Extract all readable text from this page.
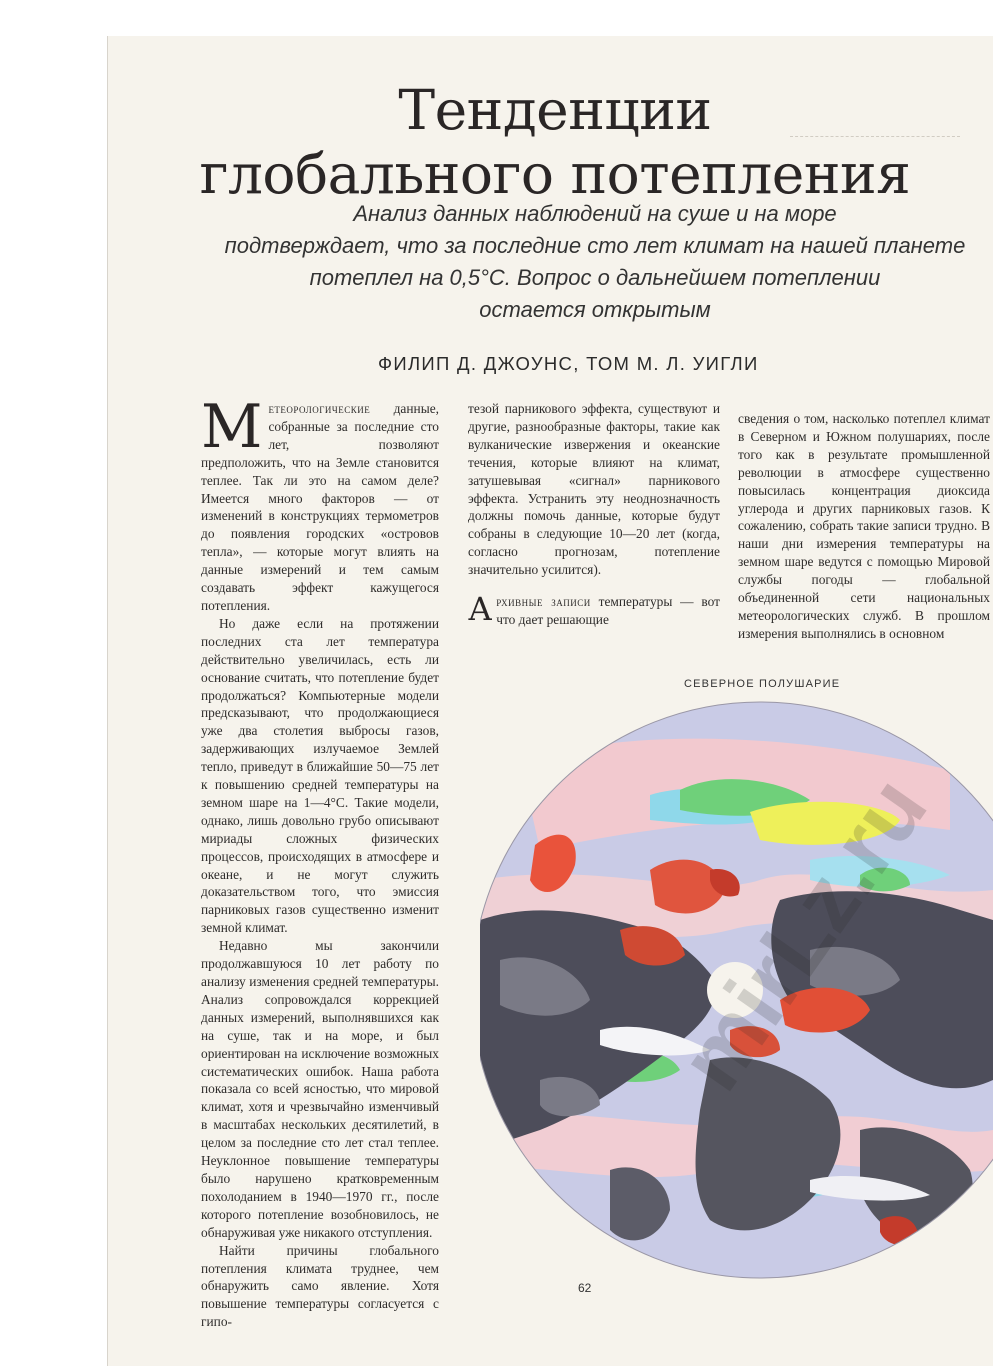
Тенденции
глобального потепления
Анализ данных наблюдений на суше и на море
подтверждает, что за последние сто лет климат на нашей планете
потеплел на 0,5°С. Вопрос о дальнейшем потеплении
остается открытым
ФИЛИП Д. ДЖОУНС, ТОМ М. Л. УИГЛИ

Метеорологические данные, собранные за последние сто лет, позволяют предположить, что на Земле становится теплее. Так ли это на самом деле? Имеется много факторов — от изменений в конструкциях термометров до появления городских «островов тепла», — которые могут влиять на данные измерений и тем самым создавать эффект кажущегося потепления.

Но даже если на протяжении последних ста лет температура действительно увеличилась, есть ли основание считать, что потепление будет продолжаться? Компьютерные модели предсказывают, что продолжающиеся уже два столетия выбросы газов, задерживающих излучаемое Землей тепло, приведут в ближайшие 50—75 лет к повышению средней температуры на земном шаре на 1—4°С. Такие модели, однако, лишь довольно грубо описывают мириады сложных физических процессов, происходящих в атмосфере и океане, и не могут служить доказательством того, что эмиссия парниковых газов существенно изменит земной климат.

Недавно мы закончили продолжавшуюся 10 лет работу по анализу изменения средней температуры. Анализ сопровождался коррекцией данных измерений, выполнявшихся как на суше, так и на море, и был ориентирован на исключение возможных систематических ошибок. Наша работа показала со всей ясностью, что мировой климат, хотя и чрезвычайно изменчивый в масштабах нескольких десятилетий, в целом за последние сто лет стал теплее. Неуклонное повышение температуры было нарушено кратковременным похолоданием в 1940—1970 гг., после которого потепление возобновилось, не обнаруживая уже никакого отступления.

Найти причины глобального потепления климата труднее, чем обнаружить само явление. Хотя повышение температуры согласуется с гипо-

тезой парникового эффекта, существуют и другие, разнообразные факторы, такие как вулканические извержения и океанские течения, которые влияют на климат, затушевывая «сигнал» парникового эффекта. Устранить эту неоднозначность должны помочь данные, которые будут собраны в следующие 10—20 лет (когда, согласно прогнозам, потепление значительно усилится).

Архивные записи температуры — вот что дает решающие

сведения о том, насколько потеплел климат в Северном и Южном полушариях, после того как в результате промышленной революции в атмосфере существенно повысилась концентрация диоксида углерода и других парниковых газов. К сожалению, собрать такие записи трудно. В наши дни измерения температуры на земном шаре ведутся с помощью Мировой службы погоды — глобальной объединенной сети национальных метеорологических служб. В прошлом измерения выполнялись в основном

СЕВЕРНОЕ ПОЛУШАРИЕ
62
